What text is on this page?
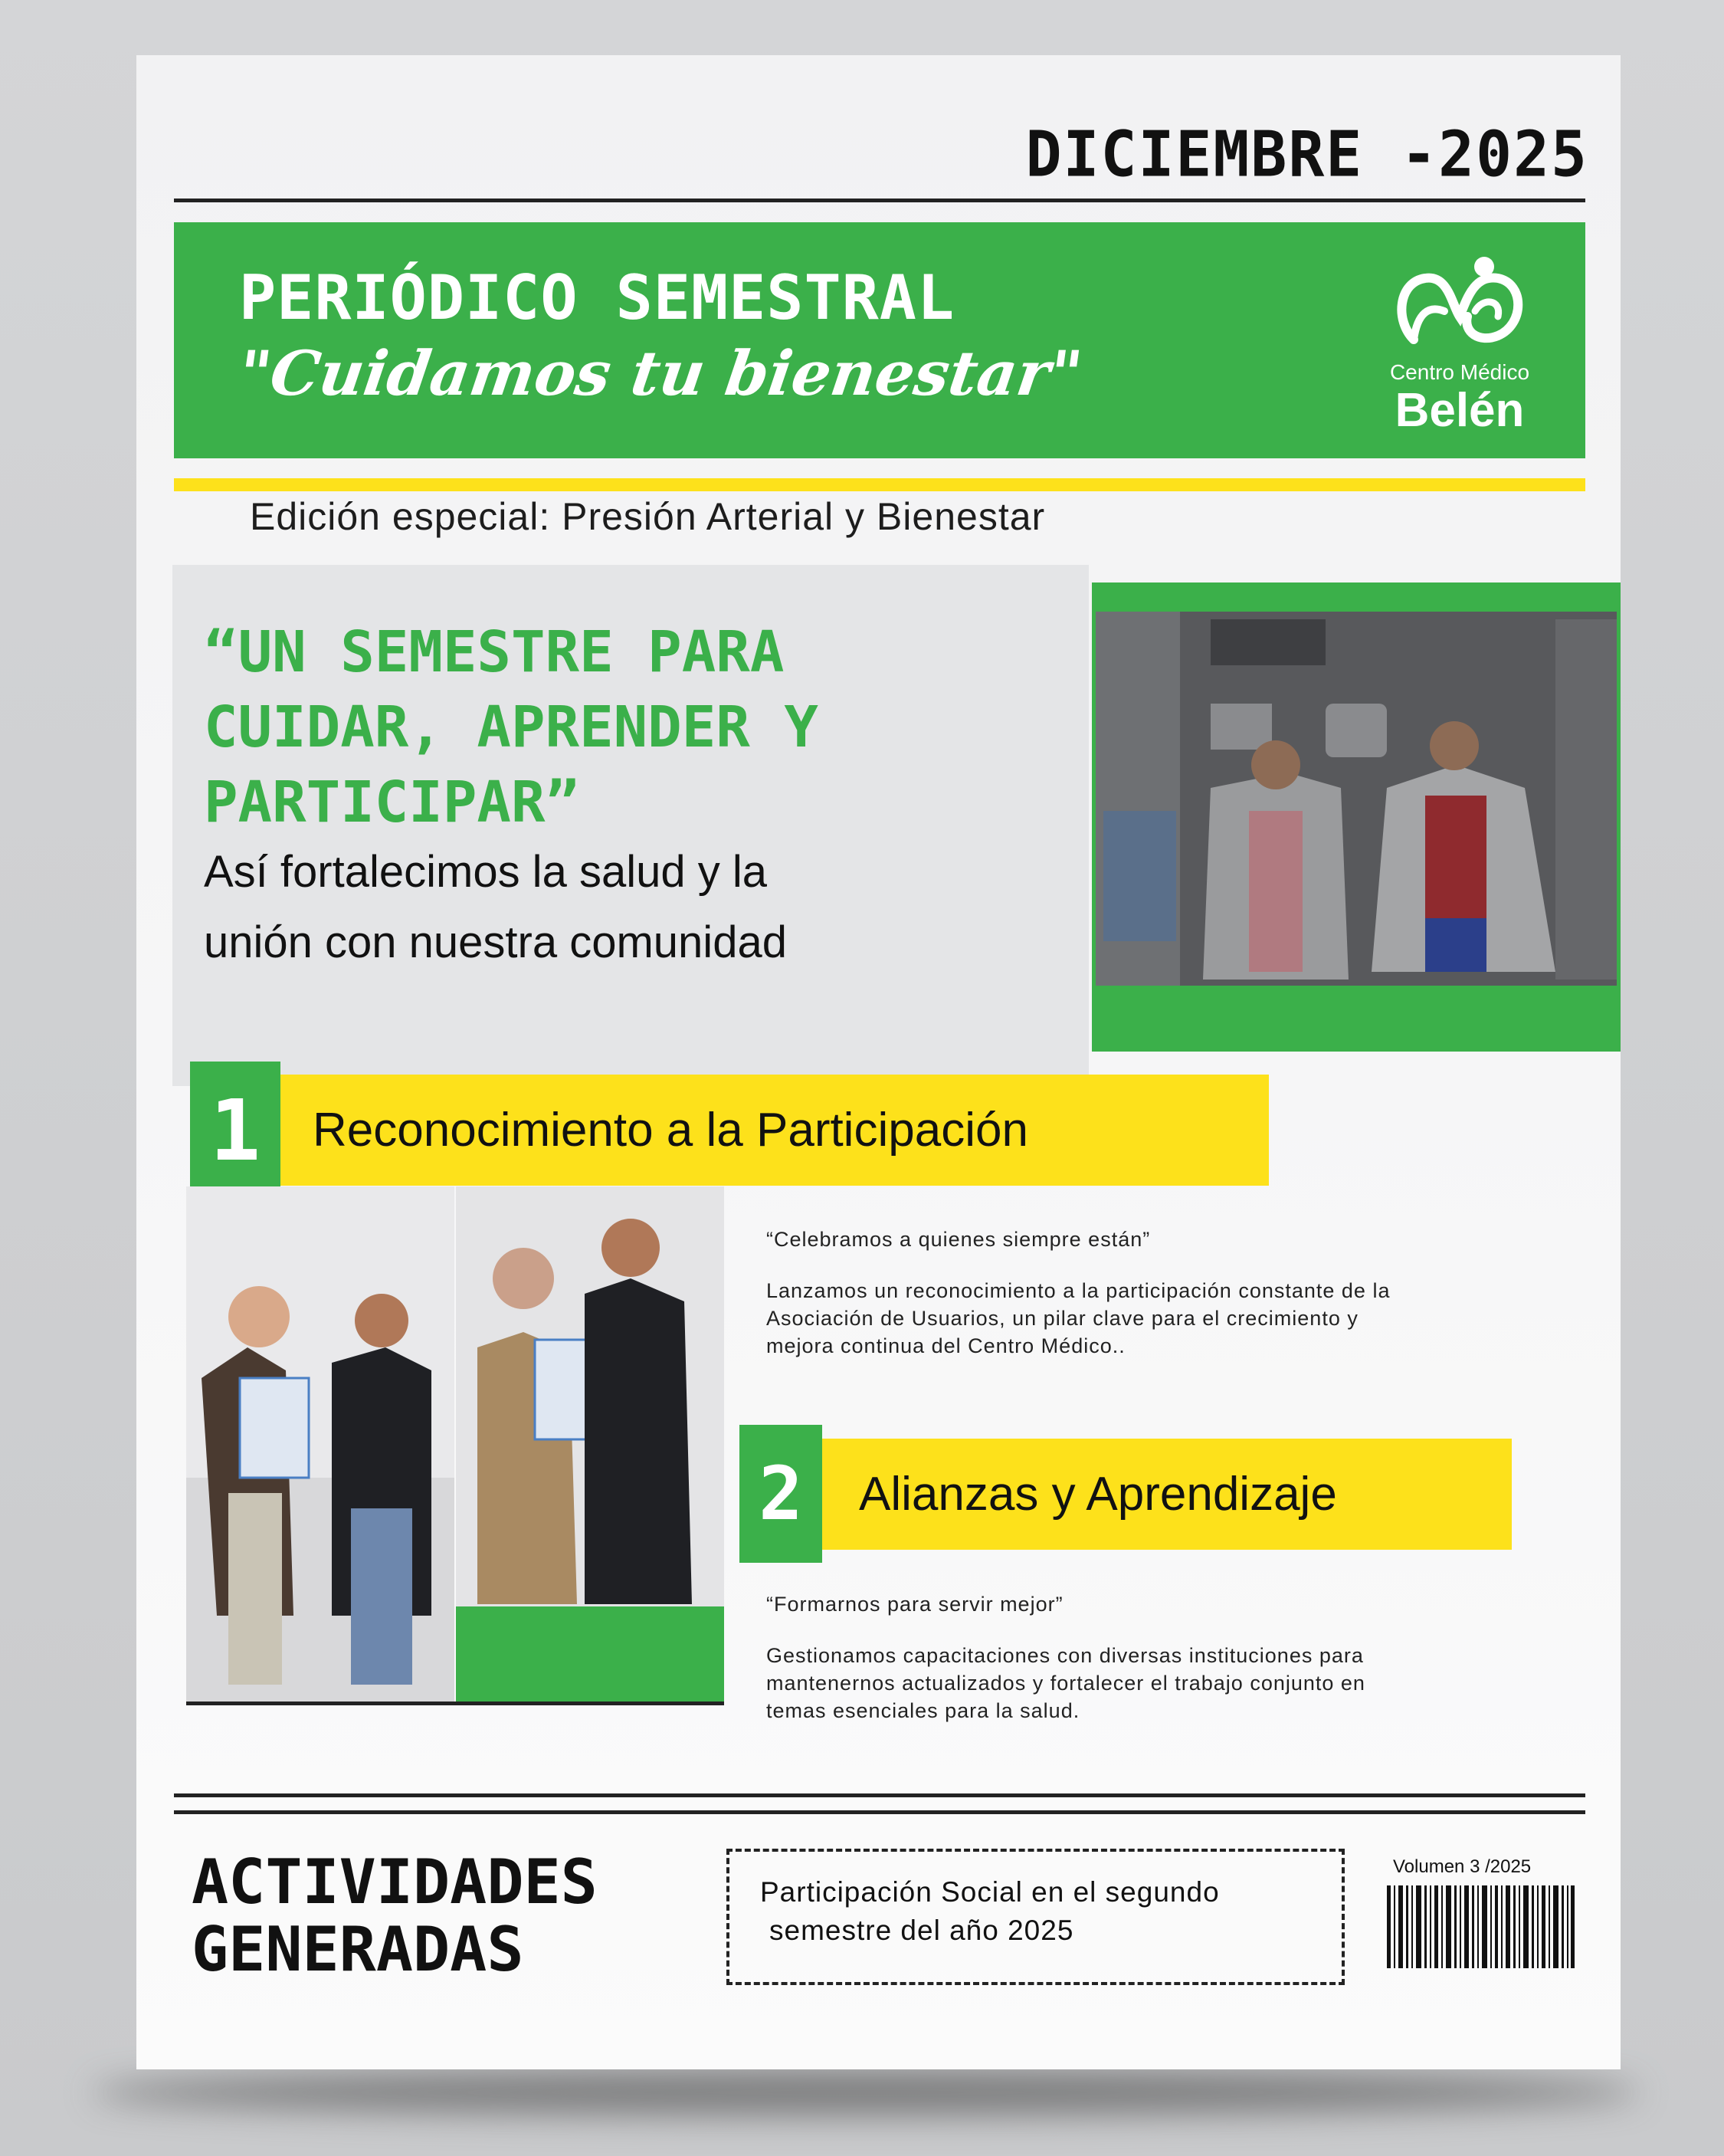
DICIEMBRE -2025
PERIÓDICO SEMESTRAL
"Cuidamos tu bienestar"	Centro Médico
Belén
Edición especial: Presión Arterial y Bienestar
“UN SEMESTRE PARA
CUIDAR, APRENDER Y
PARTICIPAR”
Así fortalecimos la salud y la
unión con nuestra comunidad
1	Reconocimiento a la Participación
“Celebramos a quienes siempre están”
Lanzamos un reconocimiento a la participación constante de la
Asociación de Usuarios, un pilar clave para el crecimiento y
mejora continua del Centro Médico..
2	Alianzas y Aprendizaje
“Formarnos para servir mejor”
Gestionamos capacitaciones con diversas instituciones para
mantenernos actualizados y fortalecer el trabajo conjunto en
temas esenciales para la salud.
ACTIVIDADES
GENERADAS
Participación Social en el segundo
semestre del año 2025
Volumen 3 /2025
